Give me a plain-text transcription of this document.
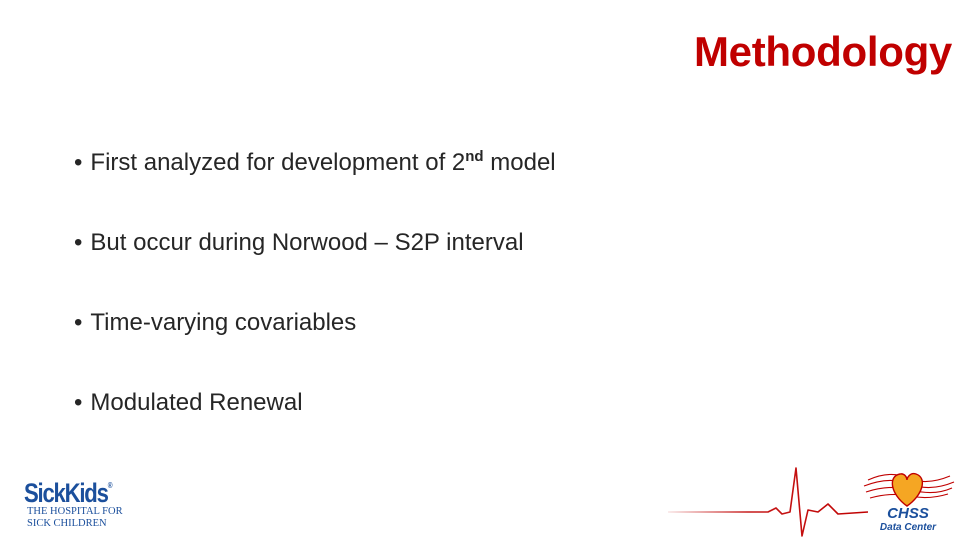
Methodology
• First analyzed for development of 2nd model
• But occur during Norwood – S2P interval
• Time-varying covariables
• Modulated Renewal
SickKids®
THE HOSPITAL FOR
SICK CHILDREN
CHSS
Data Center
